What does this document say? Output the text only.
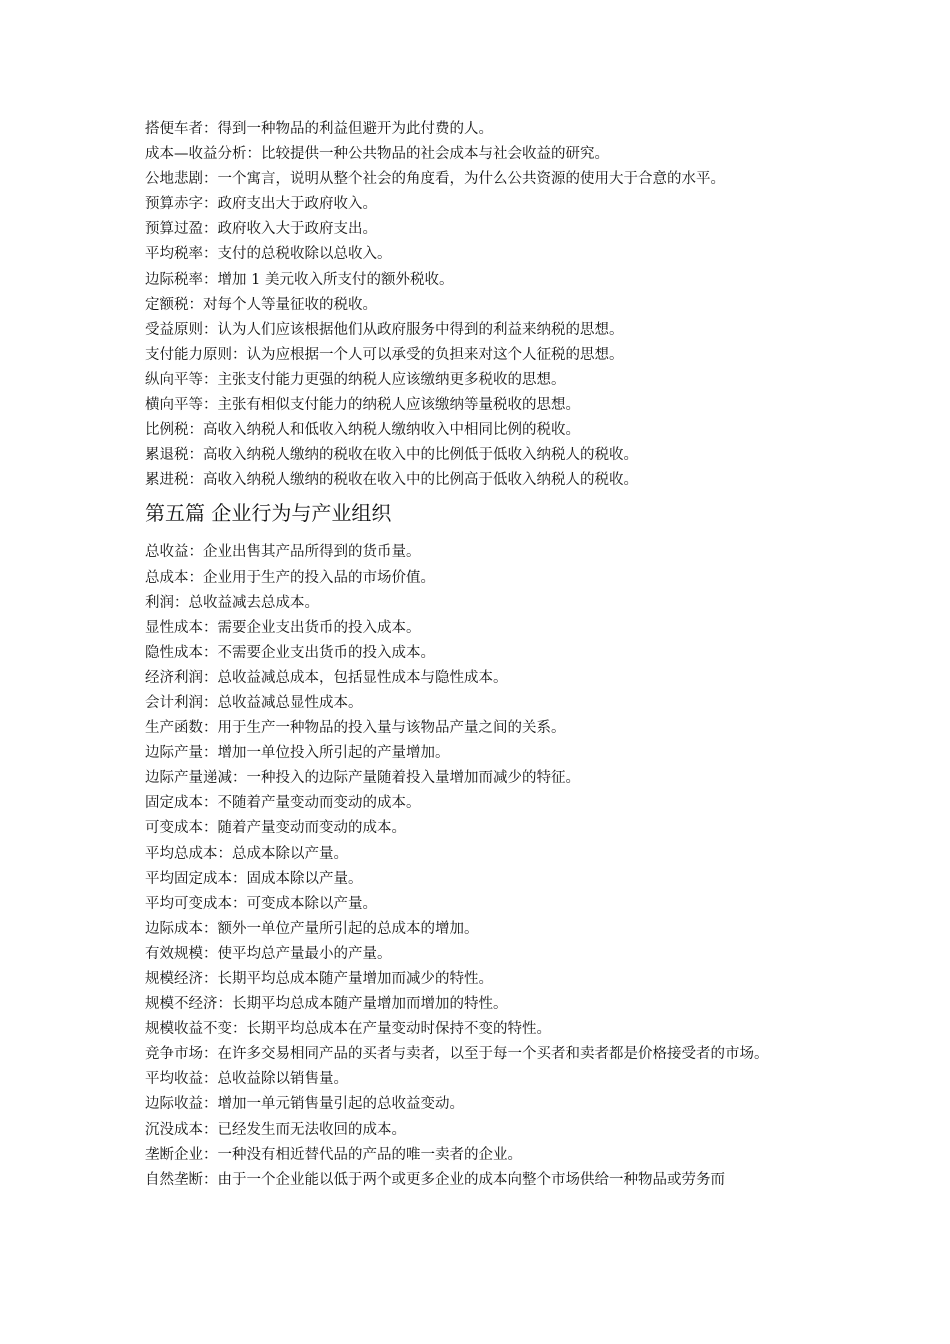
搭便车者：得到一种物品的利益但避开为此付费的人。

成本—收益分析：比较提供一种公共物品的社会成本与社会收益的研究。

公地悲剧：一个寓言，说明从整个社会的角度看，为什么公共资源的使用大于合意的水平。

预算赤字：政府支出大于政府收入。

预算过盈：政府收入大于政府支出。

平均税率：支付的总税收除以总收入。

边际税率：增加 1 美元收入所支付的额外税收。

定额税：对每个人等量征收的税收。

受益原则：认为人们应该根据他们从政府服务中得到的利益来纳税的思想。

支付能力原则：认为应根据一个人可以承受的负担来对这个人征税的思想。

纵向平等：主张支付能力更强的纳税人应该缴纳更多税收的思想。

横向平等：主张有相似支付能力的纳税人应该缴纳等量税收的思想。

比例税：高收入纳税人和低收入纳税人缴纳收入中相同比例的税收。

累退税：高收入纳税人缴纳的税收在收入中的比例低于低收入纳税人的税收。

累进税：高收入纳税人缴纳的税收在收入中的比例高于低收入纳税人的税收。

第五篇 企业行为与产业组织

总收益：企业出售其产品所得到的货币量。

总成本：企业用于生产的投入品的市场价值。

利润：总收益减去总成本。

显性成本：需要企业支出货币的投入成本。

隐性成本：不需要企业支出货币的投入成本。

经济利润：总收益减总成本，包括显性成本与隐性成本。

会计利润：总收益减总显性成本。

生产函数：用于生产一种物品的投入量与该物品产量之间的关系。

边际产量：增加一单位投入所引起的产量增加。

边际产量递减：一种投入的边际产量随着投入量增加而减少的特征。

固定成本：不随着产量变动而变动的成本。

可变成本：随着产量变动而变动的成本。

平均总成本：总成本除以产量。

平均固定成本：固成本除以产量。

平均可变成本：可变成本除以产量。

边际成本：额外一单位产量所引起的总成本的增加。

有效规模：使平均总产量最小的产量。

规模经济：长期平均总成本随产量增加而减少的特性。

规模不经济：长期平均总成本随产量增加而增加的特性。

规模收益不变：长期平均总成本在产量变动时保持不变的特性。

竞争市场：在许多交易相同产品的买者与卖者，以至于每一个买者和卖者都是价格接受者的市场。

平均收益：总收益除以销售量。

边际收益：增加一单元销售量引起的总收益变动。

沉没成本：已经发生而无法收回的成本。

垄断企业：一种没有相近替代品的产品的唯一卖者的企业。

自然垄断：由于一个企业能以低于两个或更多企业的成本向整个市场供给一种物品或劳务而
